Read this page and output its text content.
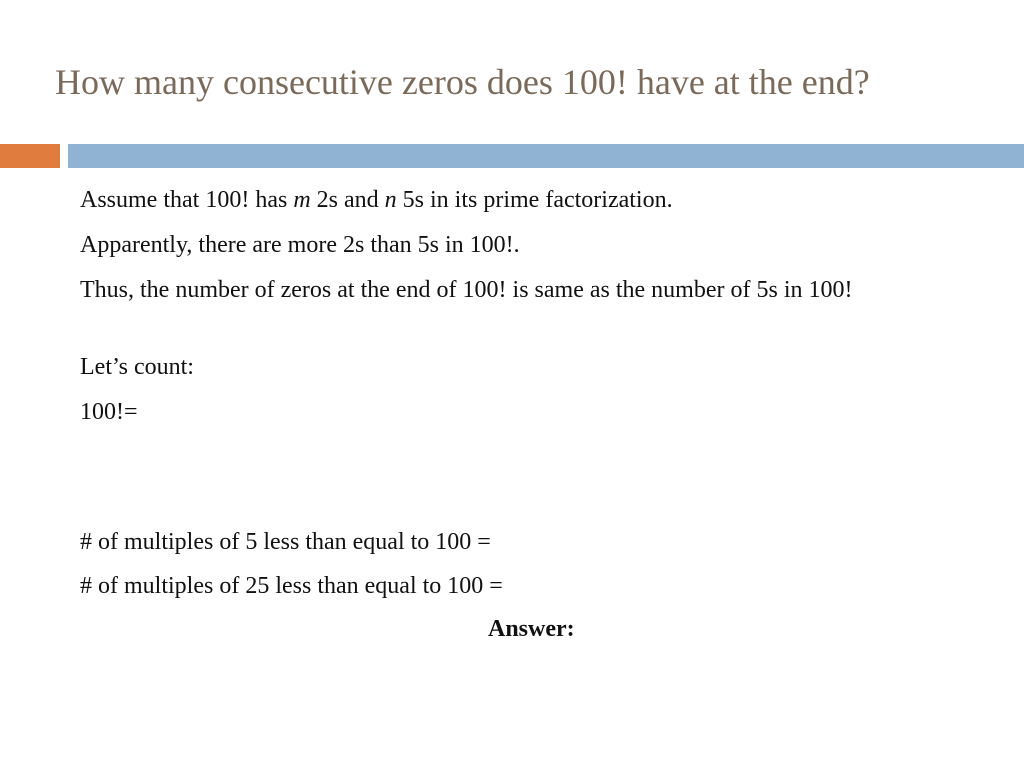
How many consecutive zeros does 100! have at the end?

Assume that 100! has m 2s and n 5s in its prime factorization.

Apparently, there are more 2s than 5s in 100!.

Thus, the number of zeros at the end of 100! is same as the number of 5s in 100!

Let’s count:

100!=

# of multiples of 5 less than equal to 100 =

# of multiples of 25 less than equal to 100 =

Answer:
